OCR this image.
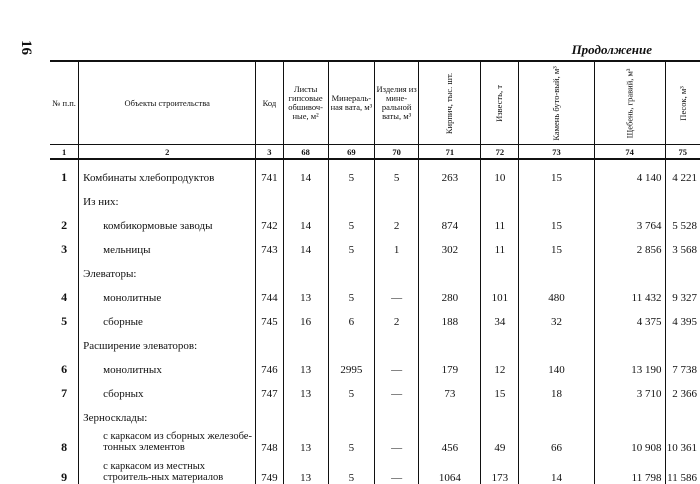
16	Продолжение
№ п.п.	Объекты строительства	Код	Листы гипсовые обшивоч-ные, м²	Минераль-ная вата, м³	Изделия из мине-ральной ваты, м³	Кирпич, тыс. шт.	Известь, т	Камень буто-вый, м³	Щебень, гравий, м³	Песок, м³
1	2	3	68	69	70	71	72	73	74	75
1	Комбинаты хлебопродуктов	741	14	5	5	263	10	15	4 140	4 221
	Из них:									
2	комбикормовые заводы	742	14	5	2	874	11	15	3 764	5 528
3	мельницы	743	14	5	1	302	11	15	2 856	3 568
	Элеваторы:									
4	монолитные	744	13	5	—	280	101	480	11 432	9 327
5	сборные	745	16	6	2	188	34	32	4 375	4 395
	Расширение элеваторов:									
6	монолитных	746	13	2995	—	179	12	140	13 190	7 738
7	сборных	747	13	5	—	73	15	18	3 710	2 366
	Зерносклады:									
8	с каркасом из сборных железобе-тонных элементов	748	13	5	—	456	49	66	10 908	10 361
9	с каркасом из местных строитель-ных материалов	749	13	5	—	1064	173	14	11 798	11 586
